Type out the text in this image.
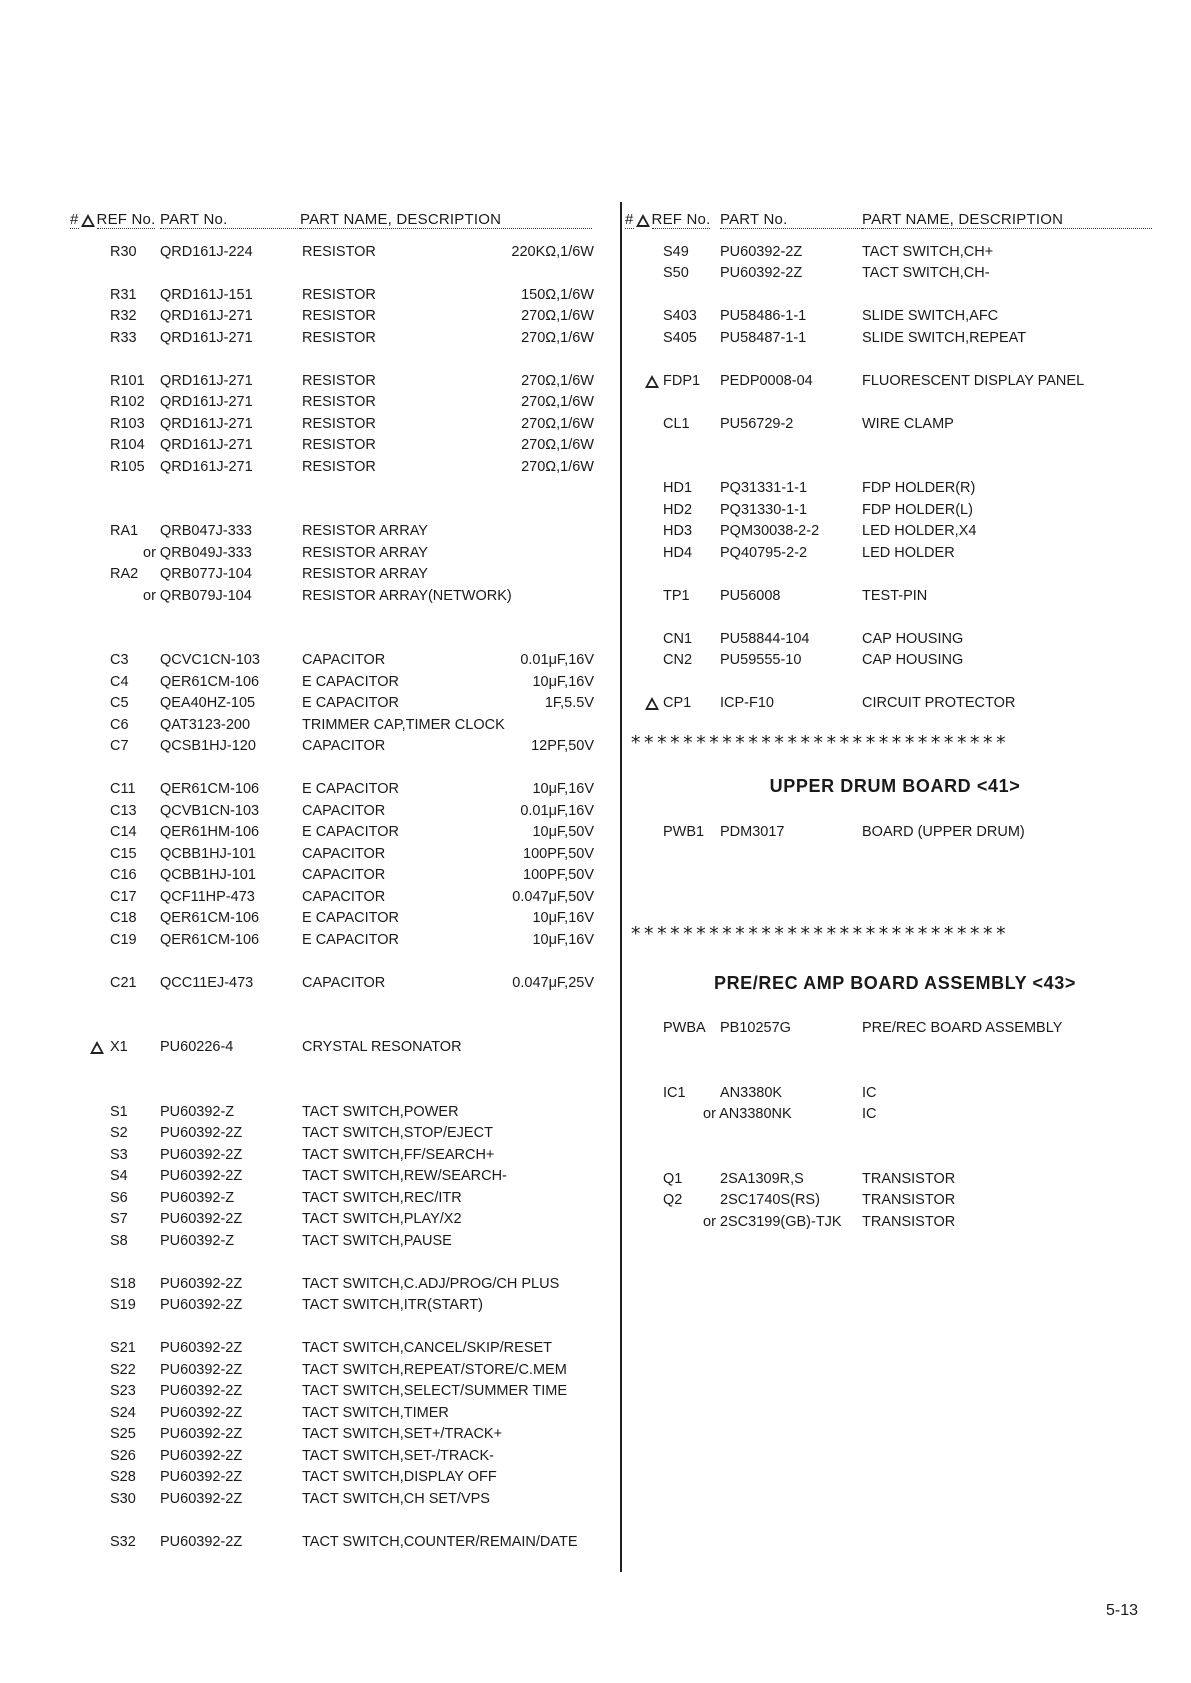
# REF No. PART No.	PART NAME, DESCRIPTION
R30	QRD161J-224	RESISTOR	220KΩ,1/6W
R31	QRD161J-151	RESISTOR	150Ω,1/6W
R32	QRD161J-271	RESISTOR	270Ω,1/6W
R33	QRD161J-271	RESISTOR	270Ω,1/6W
R101	QRD161J-271	RESISTOR	270Ω,1/6W
R102	QRD161J-271	RESISTOR	270Ω,1/6W
R103	QRD161J-271	RESISTOR	270Ω,1/6W
R104	QRD161J-271	RESISTOR	270Ω,1/6W
R105	QRD161J-271	RESISTOR	270Ω,1/6W
RA1	QRB047J-333	RESISTOR ARRAY
or QRB049J-333	RESISTOR ARRAY
RA2	QRB077J-104	RESISTOR ARRAY
or QRB079J-104	RESISTOR ARRAY(NETWORK)
C3	QCVC1CN-103	CAPACITOR	0.01μF,16V
C4	QER61CM-106	E CAPACITOR	10μF,16V
C5	QEA40HZ-105	E CAPACITOR	1F,5.5V
C6	QAT3123-200	TRIMMER CAP,TIMER CLOCK
C7	QCSB1HJ-120	CAPACITOR	12PF,50V
C11	QER61CM-106	E CAPACITOR	10μF,16V
C13	QCVB1CN-103	CAPACITOR	0.01μF,16V
C14	QER61HM-106	E CAPACITOR	10μF,50V
C15	QCBB1HJ-101	CAPACITOR	100PF,50V
C16	QCBB1HJ-101	CAPACITOR	100PF,50V
C17	QCF11HP-473	CAPACITOR	0.047μF,50V
C18	QER61CM-106	E CAPACITOR	10μF,16V
C19	QER61CM-106	E CAPACITOR	10μF,16V
C21	QCC11EJ-473	CAPACITOR	0.047μF,25V
X1	PU60226-4	CRYSTAL RESONATOR
S1	PU60392-Z	TACT SWITCH,POWER
S2	PU60392-2Z	TACT SWITCH,STOP/EJECT
S3	PU60392-2Z	TACT SWITCH,FF/SEARCH+
S4	PU60392-2Z	TACT SWITCH,REW/SEARCH-
S6	PU60392-Z	TACT SWITCH,REC/ITR
S7	PU60392-2Z	TACT SWITCH,PLAY/X2
S8	PU60392-Z	TACT SWITCH,PAUSE
S18	PU60392-2Z	TACT SWITCH,C.ADJ/PROG/CH PLUS
S19	PU60392-2Z	TACT SWITCH,ITR(START)
S21	PU60392-2Z	TACT SWITCH,CANCEL/SKIP/RESET
S22	PU60392-2Z	TACT SWITCH,REPEAT/STORE/C.MEM
S23	PU60392-2Z	TACT SWITCH,SELECT/SUMMER TIME
S24	PU60392-2Z	TACT SWITCH,TIMER
S25	PU60392-2Z	TACT SWITCH,SET+/TRACK+
S26	PU60392-2Z	TACT SWITCH,SET-/TRACK-
S28	PU60392-2Z	TACT SWITCH,DISPLAY OFF
S30	PU60392-2Z	TACT SWITCH,CH SET/VPS
S32	PU60392-2Z	TACT SWITCH,COUNTER/REMAIN/DATE
# REF No. PART No.	PART NAME, DESCRIPTION
S49	PU60392-2Z	TACT SWITCH,CH+
S50	PU60392-2Z	TACT SWITCH,CH-
S403	PU58486-1-1	SLIDE SWITCH,AFC
S405	PU58487-1-1	SLIDE SWITCH,REPEAT
FDP1	PEDP0008-04	FLUORESCENT DISPLAY PANEL
CL1	PU56729-2	WIRE CLAMP
HD1	PQ31331-1-1	FDP HOLDER(R)
HD2	PQ31330-1-1	FDP HOLDER(L)
HD3	PQM30038-2-2	LED HOLDER,X4
HD4	PQ40795-2-2	LED HOLDER
TP1	PU56008	TEST-PIN
CN1	PU58844-104	CAP HOUSING
CN2	PU59555-10	CAP HOUSING
CP1	ICP-F10	CIRCUIT PROTECTOR
*****************************
UPPER DRUM BOARD <41>
PWB1	PDM3017	BOARD (UPPER DRUM)
*****************************
PRE/REC AMP BOARD ASSEMBLY <43>
PWBA PB10257G	PRE/REC BOARD ASSEMBLY
IC1	AN3380K	IC
or AN3380NK	IC
Q1	2SA1309R,S	TRANSISTOR
Q2	2SC1740S(RS)	TRANSISTOR
or 2SC3199(GB)-TJK	TRANSISTOR
5-13
